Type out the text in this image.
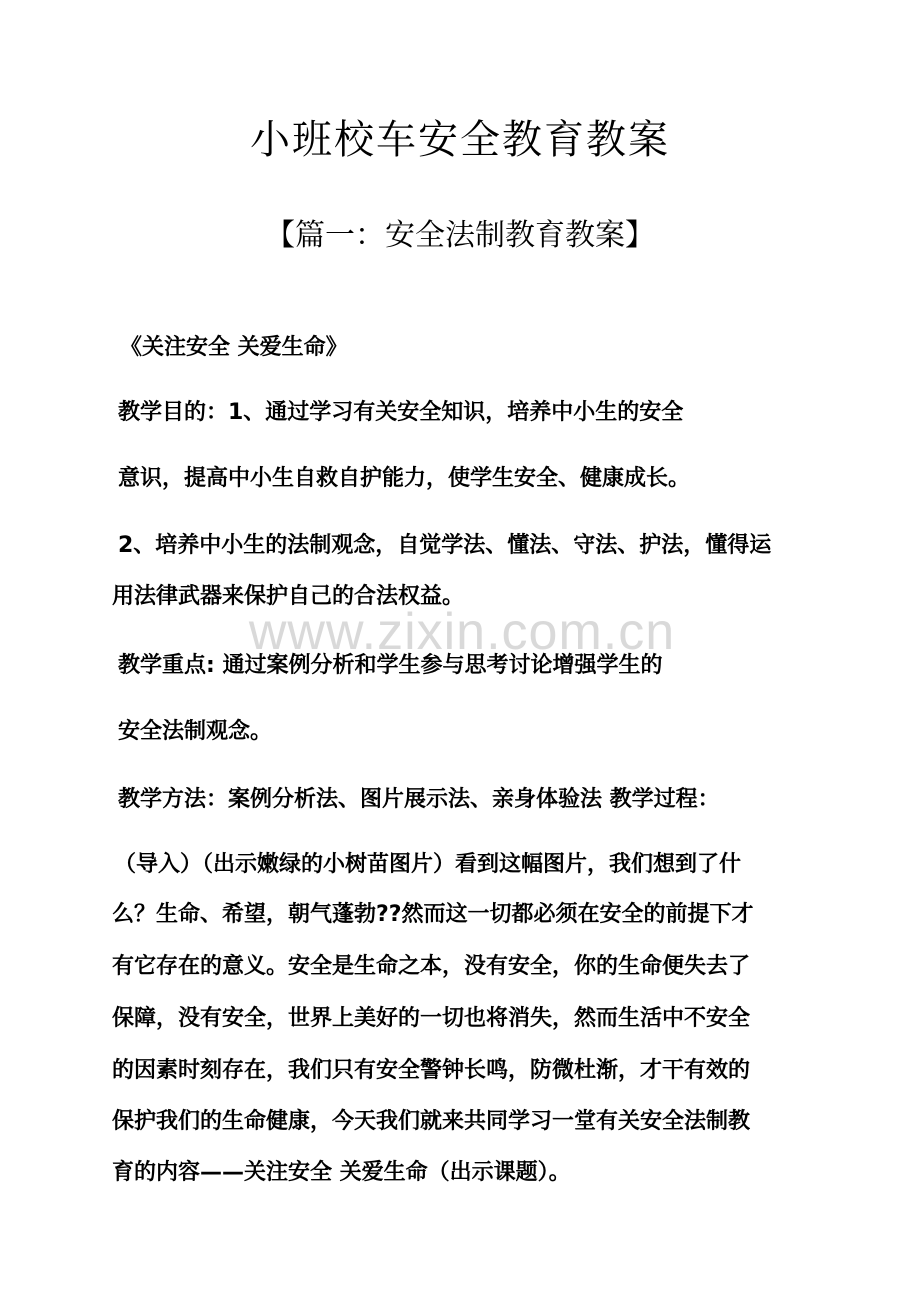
小班校车安全教育教案
【篇一：安全法制教育教案】
www.zixin.com.cn
《关注安全 关爱生命》
教学目的：1、通过学习有关安全知识，培养中小生的安全
意识，提高中小生自救自护能力，使学生安全、健康成长。
2、培养中小生的法制观念，自觉学法、懂法、守法、护法，懂得运
用法律武器来保护自己的合法权益。
教学重点: 通过案例分析和学生参与思考讨论增强学生的
安全法制观念。
教学方法：案例分析法、图片展示法、亲身体验法 教学过程：
（导入）（出示嫩绿的小树苗图片）看到这幅图片，我们想到了什
么？生命、希望，朝气蓬勃??然而这一切都必须在安全的前提下才
有它存在的意义。安全是生命之本，没有安全，你的生命便失去了
保障，没有安全，世界上美好的一切也将消失，然而生活中不安全
的因素时刻存在，我们只有安全警钟长鸣，防微杜渐，才干有效的
保护我们的生命健康，今天我们就来共同学习一堂有关安全法制教
育的内容——关注安全 关爱生命（出示课题）。
